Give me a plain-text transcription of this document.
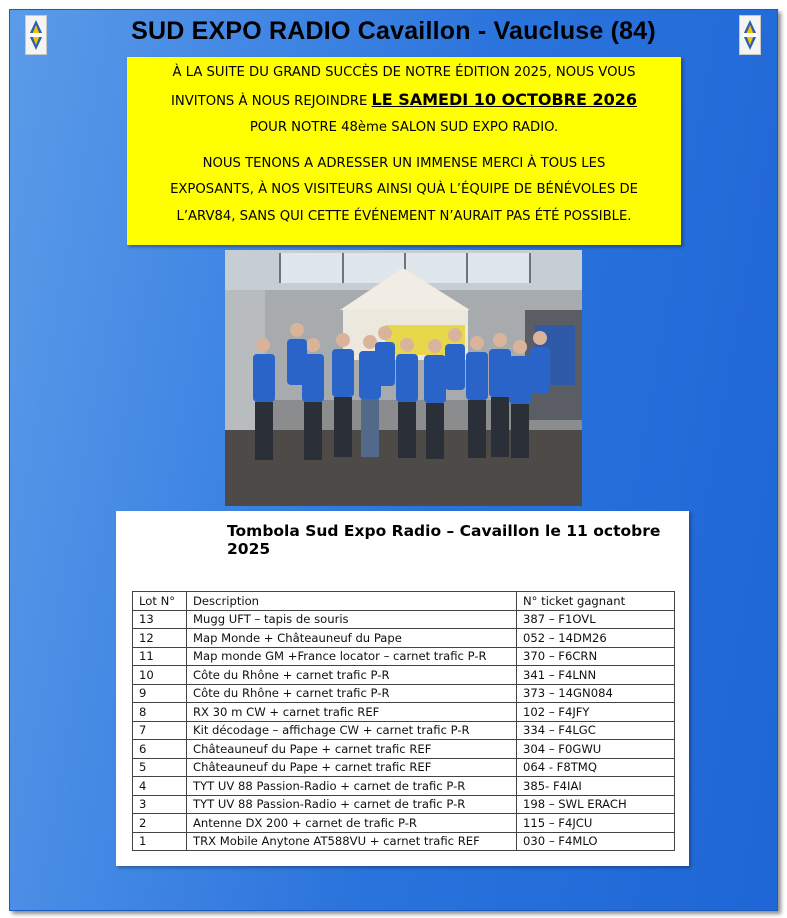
SUD EXPO RADIO Cavaillon - Vaucluse (84)
À LA SUITE DU GRAND SUCCÈS DE NOTRE ÉDITION 2025, NOUS VOUS
INVITONS À NOUS REJOINDRE LE SAMEDI 10 OCTOBRE 2026
POUR NOTRE 48ème SALON SUD EXPO RADIO.
NOUS TENONS A ADRESSER UN IMMENSE MERCI À TOUS LES
EXPOSANTS, À NOS VISITEURS AINSI QUÀ L’ÉQUIPE DE BÉNÉVOLES DE
L’ARV84, SANS QUI CETTE ÉVÉNEMENT N’AURAIT PAS ÉTÉ POSSIBLE.
Tombola Sud Expo Radio – Cavaillon le 11 octobre 2025
Lot N°	Description	N° ticket gagnant
13	Mugg UFT – tapis de souris	387 – F1OVL
12	Map Monde + Châteauneuf du Pape	052 – 14DM26
11	Map monde GM +France locator – carnet trafic P-R	370 – F6CRN
10	Côte du Rhône + carnet trafic P-R	341 – F4LNN
9	Côte du Rhône + carnet trafic P-R	373 – 14GN084
8	RX 30 m CW + carnet trafic REF	102 – F4JFY
7	Kit décodage – affichage CW + carnet trafic P-R	334 – F4LGC
6	Châteauneuf du Pape + carnet trafic REF	304 – F0GWU
5	Châteauneuf du Pape + carnet trafic REF	064 - F8TMQ
4	TYT UV 88 Passion-Radio + carnet de trafic P-R	385- F4IAI
3	TYT UV 88 Passion-Radio + carnet de trafic P-R	198 – SWL ERACH
2	Antenne DX 200 + carnet de trafic P-R	115 – F4JCU
1	TRX Mobile Anytone AT588VU + carnet trafic REF	030 – F4MLO
